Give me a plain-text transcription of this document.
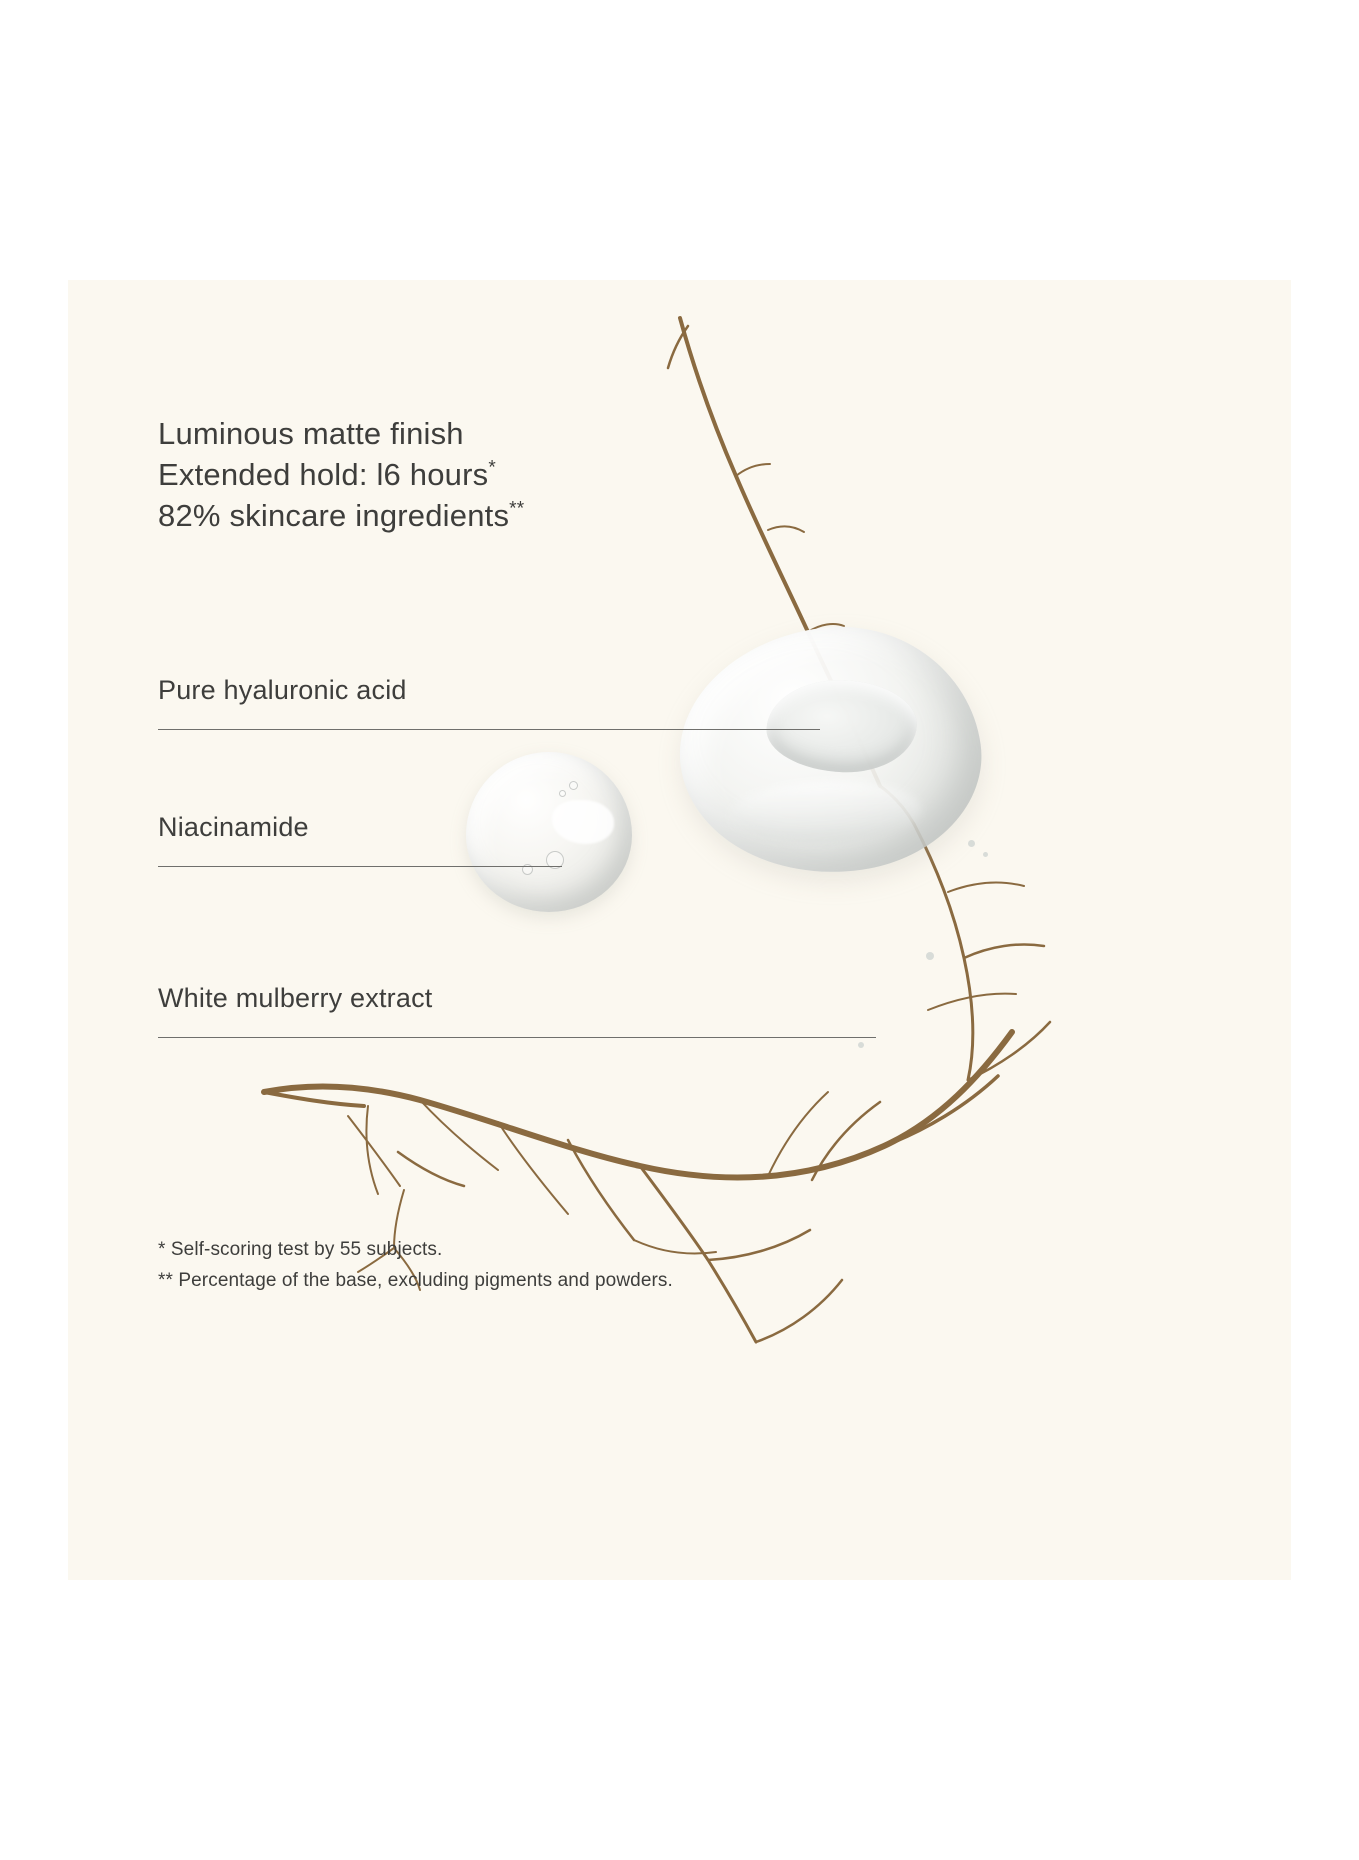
Luminous matte finish
Extended hold: l6 hours*
82% skincare ingredients**
Pure hyaluronic acid
Niacinamide
White mulberry extract
* Self-scoring test by 55 subjects.
** Percentage of the base, excluding pigments and powders.
